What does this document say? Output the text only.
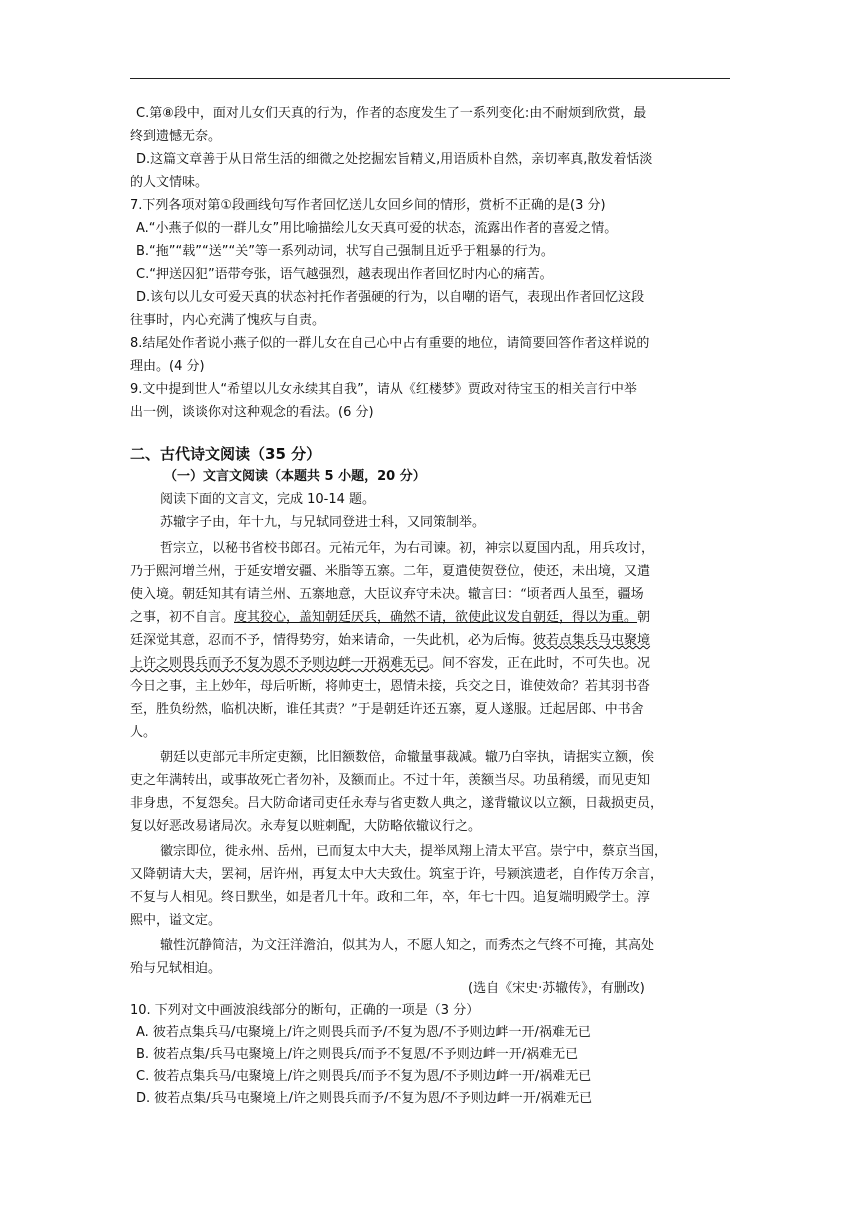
C.第⑧段中，面对儿女们天真的行为，作者的态度发生了一系列变化:由不耐烦到欣赏，最
终到遗憾无奈。
D.这篇文章善于从日常生活的细微之处挖掘宏旨精义,用语质朴自然，亲切率真,散发着恬淡
的人文情味。
7.下列各项对第①段画线句写作者回忆送儿女回乡间的情形，赏析不正确的是(3 分)
A.“小燕子似的一群儿女”用比喻描绘儿女天真可爱的状态，流露出作者的喜爱之情。
B.“拖”“载”“送”“关”等一系列动词，状写自己强制且近乎于粗暴的行为。
C.“押送囚犯”语带夸张，语气越强烈，越表现出作者回忆时内心的痛苦。
D.该句以儿女可爱天真的状态衬托作者强硬的行为，以自嘲的语气，表现出作者回忆这段
往事时，内心充满了愧疚与自责。
8.结尾处作者说小燕子似的一群儿女在自己心中占有重要的地位，请简要回答作者这样说的
理由。(4 分)
9.文中提到世人“希望以儿女永续其自我”，请从《红楼梦》贾政对待宝玉的相关言行中举
出一例，谈谈你对这种观念的看法。(6 分)
二、古代诗文阅读（35 分）
（一）文言文阅读（本题共 5 小题，20 分）
阅读下面的文言文，完成 10-14 题。
苏辙字子由，年十九，与兄轼同登进士科，又同策制举。
哲宗立，以秘书省校书郎召。元祐元年，为右司谏。初，神宗以夏国内乱，用兵攻讨，
乃于熙河增兰州，于延安增安疆、米脂等五寨。二年，夏遣使贺登位，使还，未出境，又遣
使入境。朝廷知其有请兰州、五寨地意，大臣议弃守未决。辙言曰：“顷者西人虽至，疆场
之事，初不自言。度其狡心，盖知朝廷厌兵，确然不请，欲使此议发自朝廷，得以为重。朝
廷深觉其意，忍而不予，情得势穷，始来请命，一失此机，必为后悔。彼若点集兵马屯聚境
上许之则畏兵而予不复为恩不予则边衅一开祸难无已。间不容发，正在此时，不可失也。况
今日之事，主上妙年，母后听断，将帅吏士，恩情未接，兵交之日，谁使效命？若其羽书沓
至，胜负纷然，临机决断，谁任其责？”于是朝廷许还五寨，夏人遂服。迁起居郎、中书舍
人。
朝廷以吏部元丰所定吏额，比旧额数倍，命辙量事裁减。辙乃白宰执，请据实立额，俟
吏之年满转出，或事故死亡者勿补，及额而止。不过十年，羡额当尽。功虽稍缓，而见吏知
非身患，不复怨矣。吕大防命诸司吏任永寿与省吏数人典之，遂背辙议以立额，日裁损吏员，
复以好恶改易诸局次。永寿复以赃刺配，大防略依辙议行之。
徽宗即位，徙永州、岳州，已而复太中大夫，提举凤翔上清太平宫。崇宁中，蔡京当国，
又降朝请大夫，罢祠，居许州，再复太中大夫致仕。筑室于许，号颍滨遗老，自作传万余言，
不复与人相见。终日默坐，如是者几十年。政和二年，卒，年七十四。追复端明殿学士。淳
熙中，谥文定。
辙性沉静简洁，为文汪洋澹泊，似其为人，不愿人知之，而秀杰之气终不可掩，其高处
殆与兄轼相迫。
(选自《宋史·苏辙传》，有删改)
10. 下列对文中画波浪线部分的断句，正确的一项是（3 分）
A. 彼若点集兵马/屯聚境上/许之则畏兵而予/不复为恩/不予则边衅一开/祸难无已
B. 彼若点集/兵马屯聚境上/许之则畏兵/而予不复恩/不予则边衅一开/祸难无已
C. 彼若点集兵马/屯聚境上/许之则畏兵/而予不复为恩/不予则边衅一开/祸难无已
D. 彼若点集/兵马屯聚境上/许之则畏兵而予/不复为恩/不予则边衅一开/祸难无已
